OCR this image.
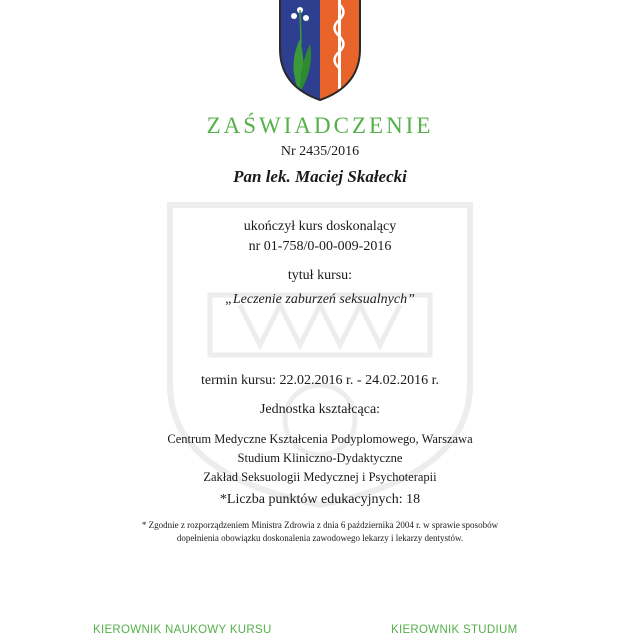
ZAŚWIADCZENIE
Nr 2435/2016
Pan lek. Maciej Skałecki
ukończył kurs doskonalący
nr 01-758/0-00-009-2016
tytuł kursu:
„Leczenie zaburzeń seksualnych”
termin kursu: 22.02.2016 r. - 24.02.2016 r.
Jednostka kształcąca:
Centrum Medyczne Kształcenia Podyplomowego, Warszawa
Studium Kliniczno-Dydaktyczne
Zakład Seksuologii Medycznej i Psychoterapii
*Liczba punktów edukacyjnych: 18
* Zgodnie z rozporządzeniem Ministra Zdrowia z dnia 6 października 2004 r. w sprawie sposobów
dopełnienia obowiązku doskonalenia zawodowego lekarzy i lekarzy dentystów.
KIEROWNIK NAUKOWY KURSU	KIEROWNIK STUDIUM
